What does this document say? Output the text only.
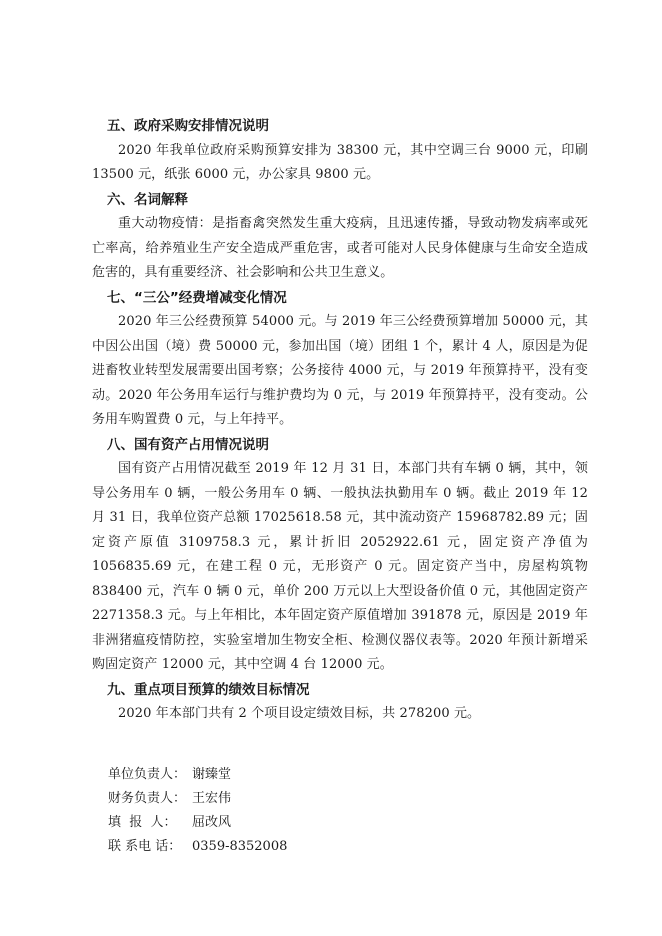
五、政府采购安排情况说明
2020 年我单位政府采购预算安排为 38300 元，其中空调三台 9000 元，印刷 13500 元，纸张 6000 元，办公家具 9800 元。
六、名词解释
重大动物疫情：是指畜禽突然发生重大疫病，且迅速传播，导致动物发病率或死亡率高，给养殖业生产安全造成严重危害，或者可能对人民身体健康与生命安全造成危害的，具有重要经济、社会影响和公共卫生意义。
七、“三公”经费增减变化情况
2020 年三公经费预算 54000 元。与 2019 年三公经费预算增加 50000 元，其中因公出国（境）费 50000 元，参加出国（境）团组 1 个，累计 4 人，原因是为促进畜牧业转型发展需要出国考察；公务接待 4000 元，与 2019 年预算持平，没有变动。2020 年公务用车运行与维护费均为 0 元，与 2019 年预算持平，没有变动。公务用车购置费 0 元，与上年持平。
八、国有资产占用情况说明
国有资产占用情况截至 2019 年 12 月 31 日，本部门共有车辆 0 辆，其中，领导公务用车 0 辆，一般公务用车 0 辆、一般执法执勤用车 0 辆。截止 2019 年 12 月 31 日，我单位资产总额 17025618.58 元，其中流动资产 15968782.89 元；固定资产原值 3109758.3 元，累计折旧 2052922.61 元，固定资产净值为 1056835.69 元，在建工程 0 元，无形资产 0 元。固定资产当中，房屋构筑物 838400 元，汽车 0 辆 0 元，单价 200 万元以上大型设备价值 0 元，其他固定资产 2271358.3 元。与上年相比，本年固定资产原值增加 391878 元，原因是 2019 年非洲猪瘟疫情防控，实验室增加生物安全柜、检测仪器仪表等。2020 年预计新增采购固定资产 12000 元，其中空调 4 台 12000 元。
九、重点项目预算的绩效目标情况
2020 年本部门共有 2 个项目设定绩效目标，共 278200 元。
单位负责人： 谢臻堂
财务负责人： 王宏伟
填  报  人： 屈改风
联 系电 话： 0359-8352008
